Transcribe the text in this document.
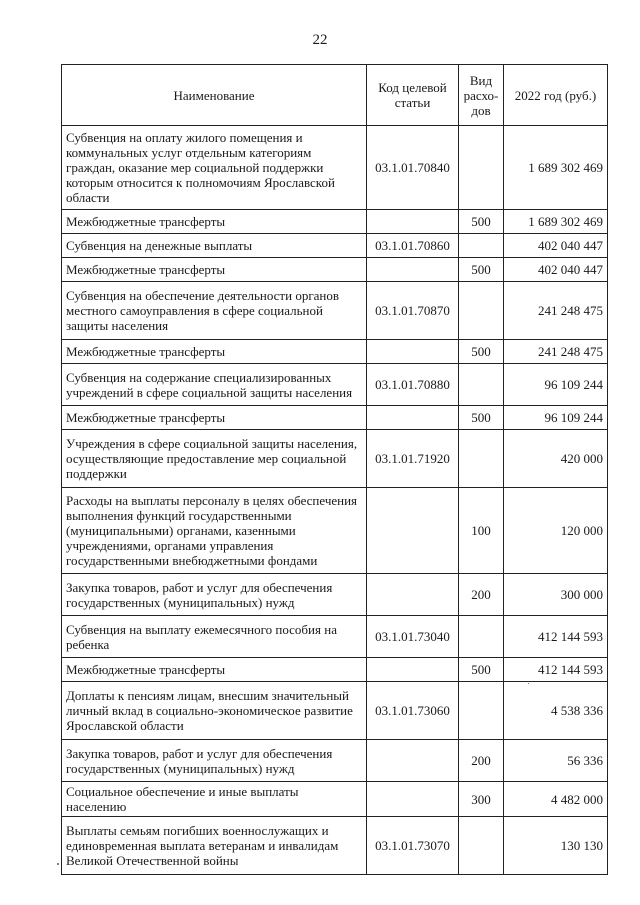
22
Наименование	Код целевой статьи	Вид расхо-дов	2022 год (руб.)
Субвенция на оплату жилого помещения и коммунальных услуг отдельным категориям граждан, оказание мер социальной поддержки которым относится к полномочиям Ярославской области	03.1.01.70840		1 689 302 469
Межбюджетные трансферты		500	1 689 302 469
Субвенция на денежные выплаты	03.1.01.70860		402 040 447
Межбюджетные трансферты		500	402 040 447
Субвенция на обеспечение деятельности органов местного самоуправления в сфере социальной защиты населения	03.1.01.70870		241 248 475
Межбюджетные трансферты		500	241 248 475
Субвенция на содержание специализированных учреждений в сфере социальной защиты населения	03.1.01.70880		96 109 244
Межбюджетные трансферты		500	96 109 244
Учреждения в сфере социальной защиты населения, осуществляющие предоставление мер социальной поддержки	03.1.01.71920		420 000
Расходы на выплаты персоналу в целях обеспечения выполнения функций государственными (муниципальными) органами, казенными учреждениями, органами управления государственными внебюджетными фондами		100	120 000
Закупка товаров, работ и услуг для обеспечения государственных (муниципальных) нужд		200	300 000
Субвенция на выплату ежемесячного пособия на ребенка	03.1.01.73040		412 144 593
Межбюджетные трансферты		500	412 144 593
Доплаты к пенсиям лицам, внесшим значительный личный вклад в социально-экономическое развитие Ярославской области	03.1.01.73060		4 538 336
Закупка товаров, работ и услуг для обеспечения государственных (муниципальных) нужд		200	56 336
Социальное обеспечение и иные выплаты населению		300	4 482 000
Выплаты семьям погибших военнослужащих и единовременная выплата ветеранам и инвалидам Великой Отечественной войны	03.1.01.73070		130 130
